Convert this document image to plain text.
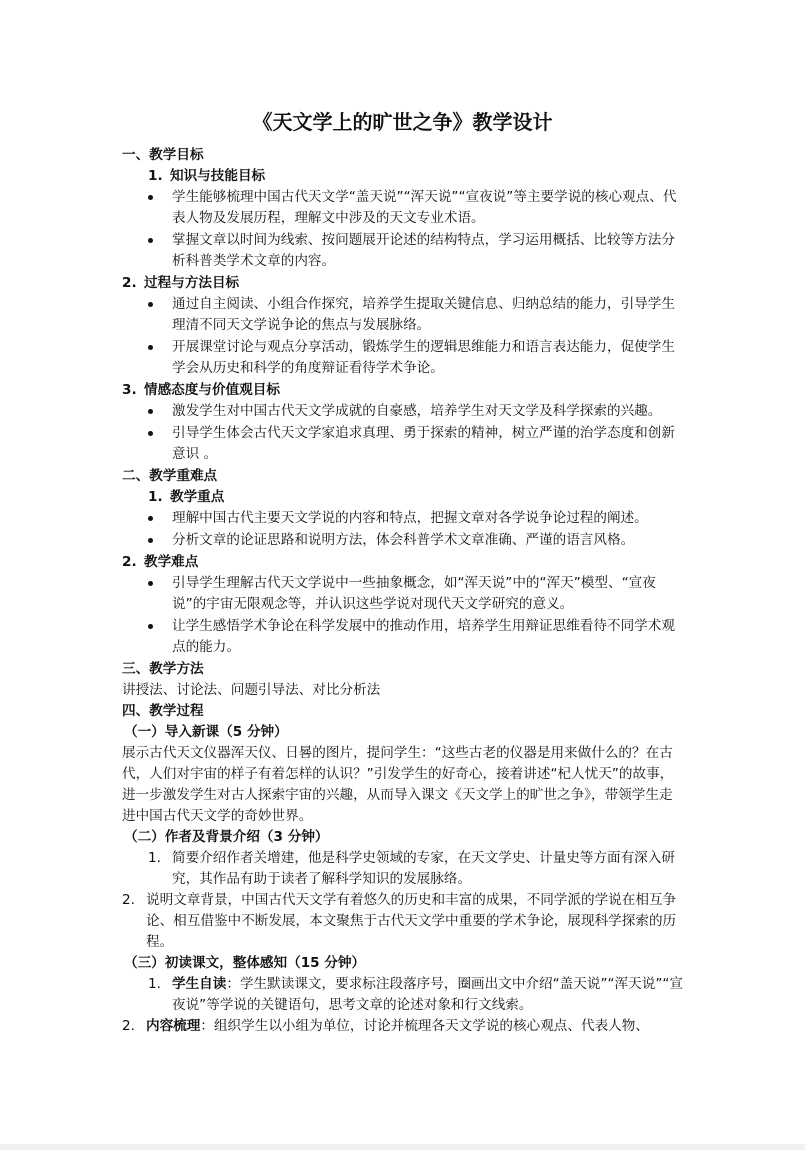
《天文学上的旷世之争》教学设计
一、教学目标
1. 知识与技能目标
学生能够梳理中国古代天文学“盖天说”“浑天说”“宣夜说”等主要学说的核心观点、代表人物及发展历程，理解文中涉及的天文专业术语。
掌握文章以时间为线索、按问题展开论述的结构特点，学习运用概括、比较等方法分析科普类学术文章的内容。
2. 过程与方法目标
通过自主阅读、小组合作探究，培养学生提取关键信息、归纳总结的能力，引导学生理清不同天文学说争论的焦点与发展脉络。
开展课堂讨论与观点分享活动，锻炼学生的逻辑思维能力和语言表达能力，促使学生学会从历史和科学的角度辩证看待学术争论。
3. 情感态度与价值观目标
激发学生对中国古代天文学成就的自豪感，培养学生对天文学及科学探索的兴趣。
引导学生体会古代天文学家追求真理、勇于探索的精神，树立严谨的治学态度和创新意识 。
二、教学重难点
1. 教学重点
理解中国古代主要天文学说的内容和特点，把握文章对各学说争论过程的阐述。
分析文章的论证思路和说明方法，体会科普学术文章准确、严谨的语言风格。
2. 教学难点
引导学生理解古代天文学说中一些抽象概念，如“浑天说”中的“浑天”模型、“宣夜说”的宇宙无限观念等，并认识这些学说对现代天文学研究的意义。
让学生感悟学术争论在科学发展中的推动作用，培养学生用辩证思维看待不同学术观点的能力。
三、教学方法
讲授法、讨论法、问题引导法、对比分析法
四、教学过程
（一）导入新课（5 分钟）
展示古代天文仪器浑天仪、日晷的图片，提问学生：“这些古老的仪器是用来做什么的？在古代，人们对宇宙的样子有着怎样的认识？”引发学生的好奇心，接着讲述“杞人忧天”的故事，进一步激发学生对古人探索宇宙的兴趣，从而导入课文《天文学上的旷世之争》，带领学生走进中国古代天文学的奇妙世界。
（二）作者及背景介绍（3 分钟）
1. 简要介绍作者关增建，他是科学史领域的专家，在天文学史、计量史等方面有深入研究，其作品有助于读者了解科学知识的发展脉络。
2. 说明文章背景，中国古代天文学有着悠久的历史和丰富的成果，不同学派的学说在相互争论、相互借鉴中不断发展，本文聚焦于古代天文学中重要的学术争论，展现科学探索的历程。
（三）初读课文，整体感知（15 分钟）
1. 学生自读：学生默读课文，要求标注段落序号，圈画出文中介绍“盖天说”“浑天说”“宣夜说”等学说的关键语句，思考文章的论述对象和行文线索。
2. 内容梳理：组织学生以小组为单位，讨论并梳理各天文学说的核心观点、代表人物、
